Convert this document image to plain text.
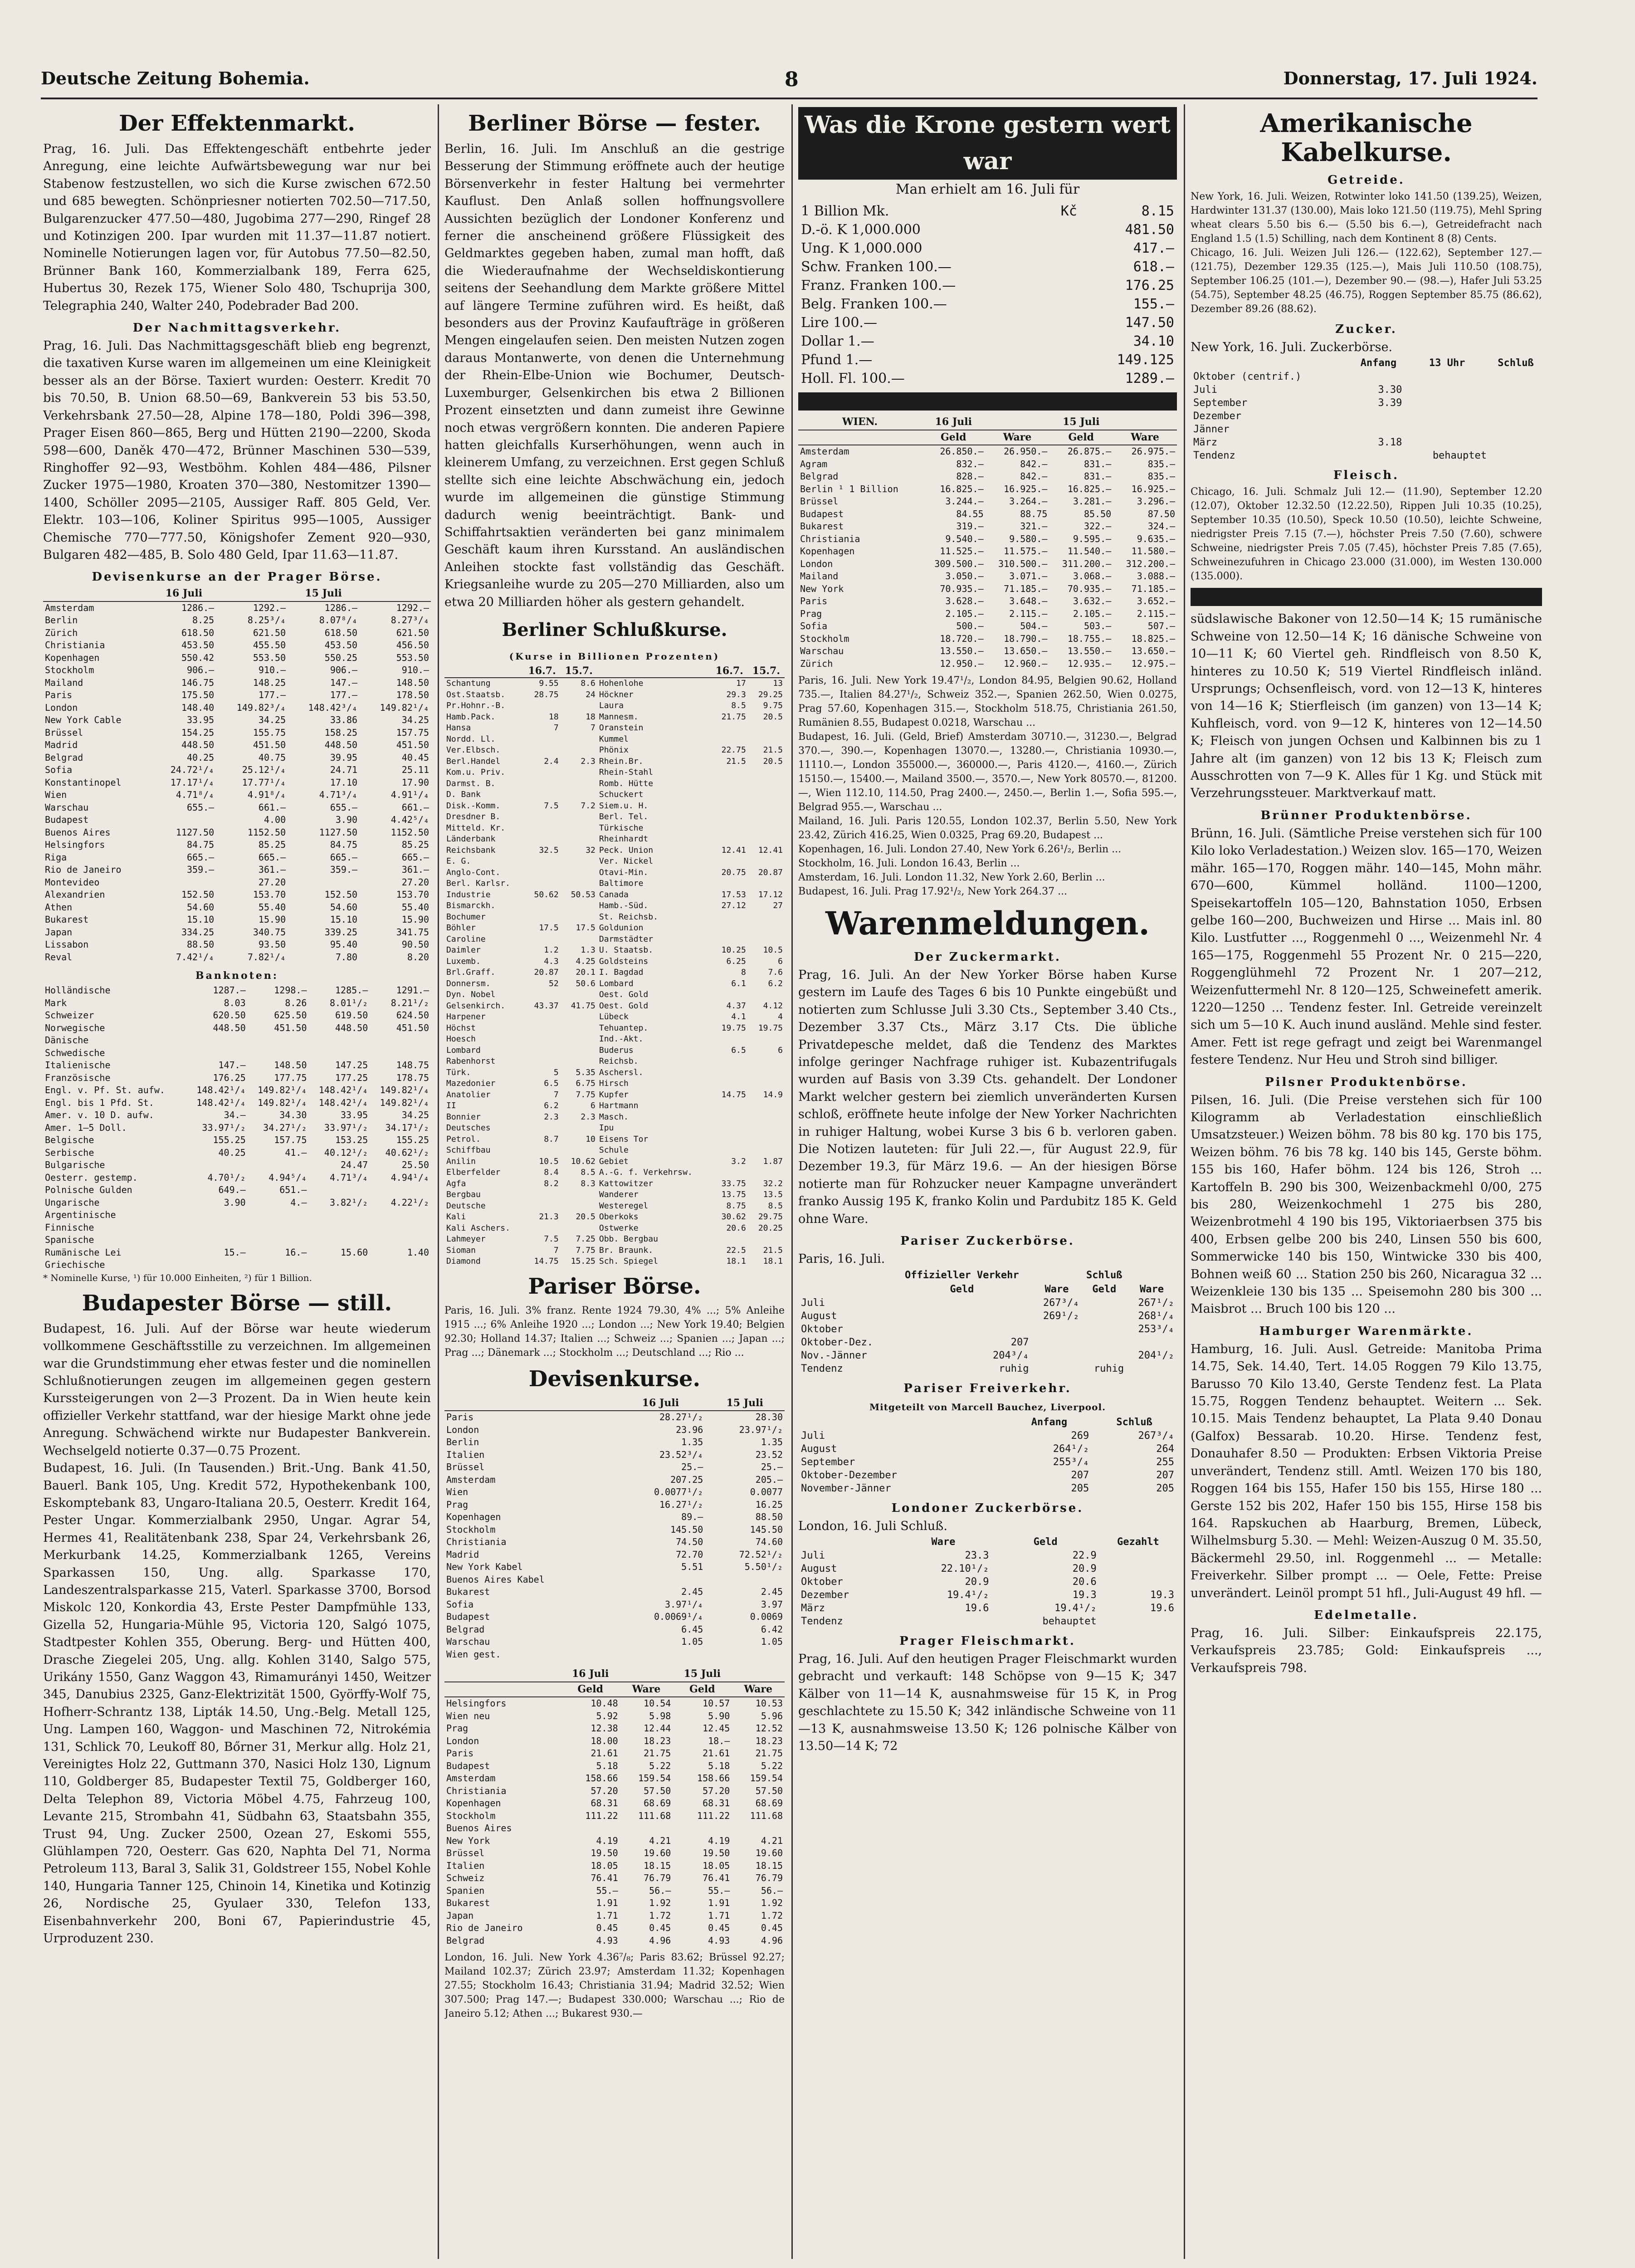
Deutsche Zeitung Bohemia.	8	Donnerstag, 17. Juli 1924.
Der Effektenmarkt.

Prag, 16. Juli. Das Effektengeschäft entbehrte jeder Anregung, eine leichte Aufwärtsbewegung war nur bei Stabenow festzustellen, wo sich die Kurse zwischen 672.50 und 685 bewegten. Schönpriesner notierten 702.50—717.50, Bulgarenzucker 477.50—480, Jugobima 277—290, Ringef 28 und Kotinzigen 200. Ipar wurden mit 11.37—11.87 notiert. Nominelle Notierungen lagen vor, für Autobus 77.50—82.50, Brünner Bank 160, Kommerzialbank 189, Ferra 625, Hubertus 30, Rezek 175, Wiener Solo 480, Tschuprija 300, Telegraphia 240, Walter 240, Podebrader Bad 200.

Der Nachmittagsverkehr.

Prag, 16. Juli. Das Nachmittagsgeschäft blieb eng begrenzt, die taxativen Kurse waren im allgemeinen um eine Kleinigkeit besser als an der Börse. Taxiert wurden: Oesterr. Kredit 70 bis 70.50, B. Union 68.50—69, Bankverein 53 bis 53.50, Verkehrsbank 27.50—28, Alpine 178—180, Poldi 396—398, Prager Eisen 860—865, Berg und Hütten 2190—2200, Skoda 598—600, Daněk 470—472, Brünner Maschinen 530—539, Ringhoffer 92—93, Westböhm. Kohlen 484—486, Pilsner Zucker 1975—1980, Kroaten 370—380, Nestomitzer 1390—1400, Schöller 2095—2105, Aussiger Raff. 805 Geld, Ver. Elektr. 103—106, Koliner Spiritus 995—1005, Aussiger Chemische 770—777.50, Königshofer Zement 920—930, Bulgaren 482—485, B. Solo 480 Geld, Ipar 11.63—11.87.

Devisenkurse an der Prager Börse.
	16 Juli		15 Juli	
Amsterdam	1286.—	1292.—	1286.—	1292.—
Berlin	8.25	8.25³/₄	8.07⁸/₄	8.27³/₄
Zürich	618.50	621.50	618.50	621.50
Christiania	453.50	455.50	453.50	456.50
Kopenhagen	550.42	553.50	550.25	553.50
Stockholm	906.—	910.—	906.—	910.—
Mailand	146.75	148.25	147.—	148.50
Paris	175.50	177.—	177.—	178.50
London	148.40	149.82³/₄	148.42³/₄	149.82¹/₄
New York Cable	33.95	34.25	33.86	34.25
Brüssel	154.25	155.75	158.25	157.75
Madrid	448.50	451.50	448.50	451.50
Belgrad	40.25	40.75	39.95	40.45
Sofia	24.72¹/₄	25.12¹/₄	24.71	25.11
Konstantinopel	17.17¹/₄	17.77¹/₄	17.10	17.90
Wien	4.71⁸/₄	4.91⁸/₄	4.71³/₄	4.91¹/₄
Warschau	655.—	661.—	655.—	661.—
Budapest		4.00	3.90	4.42⁵/₄
Buenos Aires	1127.50	1152.50	1127.50	1152.50
Helsingfors	84.75	85.25	84.75	85.25
Riga	665.—	665.—	665.—	665.—
Rio de Janeiro	359.—	361.—	359.—	361.—
Montevideo		27.20		27.20
Alexandrien	152.50	153.70	152.50	153.70
Athen	54.60	55.40	54.60	55.40
Bukarest	15.10	15.90	15.10	15.90
Japan	334.25	340.75	339.25	341.75
Lissabon	88.50	93.50	95.40	90.50
Reval	7.42¹/₄	7.82¹/₄	7.80	8.20
Banknoten:
Holländische	1287.—	1298.—	1285.—	1291.—
Mark	8.03	8.26	8.01¹/₂	8.21¹/₂
Schweizer	620.50	625.50	619.50	624.50
Norwegische	448.50	451.50	448.50	451.50
Dänische				
Schwedische				
Italienische	147.—	148.50	147.25	148.75
Französische	176.25	177.75	177.25	178.75
Engl. v. Pf. St. aufw.	148.42¹/₄	149.82¹/₄	148.42¹/₄	149.82¹/₄
Engl. bis 1 Pfd. St.	148.42¹/₄	149.82¹/₄	148.42¹/₄	149.82¹/₄
Amer. v. 10 D. aufw.	34.—	34.30	33.95	34.25
Amer. 1—5 Doll.	33.97¹/₂	34.27¹/₂	33.97¹/₂	34.17¹/₂
Belgische	155.25	157.75	153.25	155.25
Serbische	40.25	41.—	40.12¹/₂	40.62¹/₂
Bulgarische			24.47	25.50
Oesterr. gestemp.	4.70¹/₂	4.94⁵/₄	4.71³/₄	4.94¹/₄
Polnische Gulden	649.—	651.—		
Ungarische	3.90	4.—	3.82¹/₂	4.22¹/₂
Argentinische				
Finnische				
Spanische				
Rumänische Lei	15.—	16.—	15.60	1.40
Griechische				

* Nominelle Kurse, ¹) für 10.000 Einheiten, ²) für 1 Billion.

Budapester Börse — still.

Budapest, 16. Juli. Auf der Börse war heute wiederum vollkommene Geschäftsstille zu verzeichnen. Im allgemeinen war die Grundstimmung eher etwas fester und die nominellen Schlußnotierungen zeugen im allgemeinen gegen gestern Kurssteigerungen von 2—3 Prozent. Da in Wien heute kein offizieller Verkehr stattfand, war der hiesige Markt ohne jede Anregung. Schwächend wirkte nur Budapester Bankverein. Wechselgeld notierte 0.37—0.75 Prozent.

Budapest, 16. Juli. (In Tausenden.) Brit.-Ung. Bank 41.50, Bauerl. Bank 105, Ung. Kredit 572, Hypothekenbank 100, Eskomptebank 83, Ungaro-Italiana 20.5, Oesterr. Kredit 164, Pester Ungar. Kommerzialbank 2950, Ungar. Agrar 54, Hermes 41, Realitätenbank 238, Spar 24, Verkehrsbank 26, Merkurbank 14.25, Kommerzialbank 1265, Vereins Sparkassen 150, Ung. allg. Sparkasse 170, Landeszentralsparkasse 215, Vaterl. Sparkasse 3700, Borsod Miskolc 120, Konkordia 43, Erste Pester Dampfmühle 133, Gizella 52, Hungaria-Mühle 95, Victoria 120, Salgó 1075, Stadtpester Kohlen 355, Oberung. Berg- und Hütten 400, Drasche Ziegelei 205, Ung. allg. Kohlen 3140, Salgo 575, Urikány 1550, Ganz Waggon 43, Rimamurányi 1450, Weitzer 345, Danubius 2325, Ganz-Elektrizität 1500, Györffy-Wolf 75, Hofherr-Schrantz 138, Lipták 14.50, Ung.-Belg. Metall 125, Ung. Lampen 160, Waggon- und Maschinen 72, Nitrokémia 131, Schlick 70, Leukoff 80, Bőrner 31, Merkur allg. Holz 21, Vereinigtes Holz 22, Guttmann 370, Nasici Holz 130, Lignum 110, Goldberger 85, Budapester Textil 75, Goldberger 160, Delta Telephon 89, Victoria Möbel 4.75, Fahrzeug 100, Levante 215, Strombahn 41, Südbahn 63, Staatsbahn 355, Trust 94, Ung. Zucker 2500, Ozean 27, Eskomi 555, Glühlampen 720, Oesterr. Gas 620, Naphta Del 71, Norma Petroleum 113, Baral 3, Salik 31, Goldstreer 155, Nobel Kohle 140, Hungaria Tanner 125, Chinoin 14, Kinetika und Kotinzig 26, Nordische 25, Gyulaer 330, Telefon 133, Eisenbahnverkehr 200, Boni 67, Papierindustrie 45, Urproduzent 230.

Berliner Börse — fester.

Berlin, 16. Juli. Im Anschluß an die gestrige Besserung der Stimmung eröffnete auch der heutige Börsenverkehr in fester Haltung bei vermehrter Kauflust. Den Anlaß sollen hoffnungsvollere Aussichten bezüglich der Londoner Konferenz und ferner die anscheinend größere Flüssigkeit des Geldmarktes gegeben haben, zumal man hofft, daß die Wiederaufnahme der Wechseldiskontierung seitens der Seehandlung dem Markte größere Mittel auf längere Termine zuführen wird. Es heißt, daß besonders aus der Provinz Kaufaufträge in größeren Mengen eingelaufen seien. Den meisten Nutzen zogen daraus Montanwerte, von denen die Unternehmung der Rhein-Elbe-Union wie Bochumer, Deutsch-Luxemburger, Gelsenkirchen bis etwa 2 Billionen Prozent einsetzten und dann zumeist ihre Gewinne noch etwas vergrößern konnten. Die anderen Papiere hatten gleichfalls Kurserhöhungen, wenn auch in kleinerem Umfang, zu verzeichnen. Erst gegen Schluß stellte sich eine leichte Abschwächung ein, jedoch wurde im allgemeinen die günstige Stimmung dadurch wenig beeinträchtigt. Bank- und Schiffahrtsaktien veränderten bei ganz minimalem Geschäft kaum ihren Kursstand. An ausländischen Anleihen stockte fast vollständig das Geschäft. Kriegsanleihe wurde zu 205—270 Milliarden, also um etwa 20 Milliarden höher als gestern gehandelt.

Berliner Schlußkurse.
(Kurse in Billionen Prozenten)
	16.7.	15.7.		16.7.	15.7.
Schantung	9.55	8.6	Hohenlohe	17	13
Ost.Staatsb.	28.75	24	Höckner	29.3	29.25
Pr.Hohnr.-B.			Laura	8.5	9.75
Hamb.Pack.	18	18	Mannesm.	21.75	20.5
Hansa	7	7	Oranstein		
Nordd. Ll.			Kummel		
Ver.Elbsch.			Phönix	22.75	21.5
Berl.Handel	2.4	2.3	Rhein.Br.	21.5	20.5
Kom.u. Priv.			Rhein-Stahl		
Darmst. B.			Romb. Hütte		
D. Bank			Schuckert		
Disk.-Komm.	7.5	7.2	Siem.u. H.		
Dresdner B.			Berl. Tel.		
Mitteld. Kr.			Türkische		
Länderbank			Rheinhardt		
Reichsbank	32.5	32	Peck. Union	12.41	12.41
E. G.			Ver. Nickel		
Anglo-Cont.			Otavi-Min.	20.75	20.87
Berl. Karlsr.			Baltimore		
Industrie	50.62	50.53	Canada	17.53	17.12
Bismarckh.			Hamb.-Süd.	27.12	27
Bochumer			St. Reichsb.		
Böhler	17.5	17.5	Goldunion		
Caroline			Darmstädter		
Daimler	1.2	1.3	U. Staatsb.	10.25	10.5
Luxemb.	4.3	4.25	Goldsteins	6.25	6
Brl.Graff.	20.87	20.1	I. Bagdad	8	7.6
Donnersm.	52	50.6	Lombard	6.1	6.2
Dyn. Nobel			Oest. Gold		
Gelsenkirch.	43.37	41.75	Oest. Gold	4.37	4.12
Harpener			Lübeck	4.1	4
Höchst			Tehuantep.	19.75	19.75
Hoesch			Ind.-Akt.		
Lombard			Buderus	6.5	6
Rabenhorst			Reichsb.		
Türk.	5	5.35	Aschersl.		
Mazedonier	6.5	6.75	Hirsch		
Anatolier	7	7.75	Kupfer	14.75	14.9
II	6.2	6	Hartmann		
Bonnier	2.3	2.3	Masch.		
Deutsches			Ipu		
Petrol.	8.7	10	Eisens Tor		
Schiffbau			Schule		
Anilin	10.5	10.62	Gebiet	3.2	1.87
Elberfelder	8.4	8.5	A.-G. f. Verkehrsw.		
Agfa	8.2	8.3	Kattowitzer	33.75	32.2
Bergbau			Wanderer	13.75	13.5
Deutsche			Westeregel	8.75	8.5
Kali	21.3	20.5	Oberkoks	30.62	29.75
Kali Aschers.			Ostwerke	20.6	20.25
Lahmeyer	7.5	7.25	Obb. Bergbau		
Sioman	7	7.75	Br. Braunk.	22.5	21.5
Diamond	14.75	15.25	Sch. Spiegel	18.1	18.1
Pariser Börse.

Paris, 16. Juli. 3% franz. Rente 1924 79.30, 4% ...; 5% Anleihe 1915 ...; 6% Anleihe 1920 ...; London ...; New York 19.40; Belgien 92.30; Holland 14.37; Italien ...; Schweiz ...; Spanien ...; Japan ...; Prag ...; Dänemark ...; Stockholm ...; Deutschland ...; Rio ...

Devisenkurse.
	16 Juli	15 Juli
Paris	28.27¹/₂	28.30
London	23.96	23.97¹/₂
Berlin	1.35	1.35
Italien	23.52³/₄	23.52
Brüssel	25.—	25.—
Amsterdam	207.25	205.—
Wien	0.0077¹/₂	0.0077
Prag	16.27¹/₂	16.25
Kopenhagen	89.—	88.50
Stockholm	145.50	145.50
Christiania	74.50	74.60
Madrid	72.70	72.52¹/₂
New York Kabel	5.51	5.50¹/₂
Buenos Aires Kabel		
Bukarest	2.45	2.45
Sofia	3.97¹/₄	3.97
Budapest	0.0069¹/₄	0.0069
Belgrad	6.45	6.42
Warschau	1.05	1.05
Wien gest.		
	16 Juli		15 Juli	
	Geld	Ware	Geld	Ware
Helsingfors	10.48	10.54	10.57	10.53
Wien neu	5.92	5.98	5.90	5.96
Prag	12.38	12.44	12.45	12.52
London	18.00	18.23	18.—	18.23
Paris	21.61	21.75	21.61	21.75
Budapest	5.18	5.22	5.18	5.22
Amsterdam	158.66	159.54	158.66	159.54
Christiania	57.20	57.50	57.20	57.50
Kopenhagen	68.31	68.69	68.31	68.69
Stockholm	111.22	111.68	111.22	111.68
Buenos Aires				
New York	4.19	4.21	4.19	4.21
Brüssel	19.50	19.60	19.50	19.60
Italien	18.05	18.15	18.05	18.15
Schweiz	76.41	76.79	76.41	76.79
Spanien	55.—	56.—	55.—	56.—
Bukarest	1.91	1.92	1.91	1.92
Japan	1.71	1.72	1.71	1.72
Rio de Janeiro	0.45	0.45	0.45	0.45
Belgrad	4.93	4.96	4.93	4.96

London, 16. Juli. New York 4.36⁷/₈; Paris 83.62; Brüssel 92.27; Mailand 102.37; Zürich 23.97; Amsterdam 11.32; Kopenhagen 27.55; Stockholm 16.43; Christiania 31.94; Madrid 32.52; Wien 307.500; Prag 147.—; Budapest 330.000; Warschau ...; Rio de Janeiro 5.12; Athen ...; Bukarest 930.—

Was die Krone gestern wert war
Man erhielt am 16. Juli für
1 Billion Mk.	Kč	8.15
D.-ö. K 1,000.000		481.50
Ung. K 1,000.000		417.—
Schw. Franken 100.—		618.—
Franz. Franken 100.—		176.25
Belg. Franken 100.—		155.—
Lire 100.—		147.50
Dollar 1.—		34.10
Pfund 1.—		149.125
Holl. Fl. 100.—		1289.—
WIEN.	16 Juli		15 Juli	
	Geld	Ware	Geld	Ware
Amsterdam	26.850.—	26.950.—	26.875.—	26.975.—
Agram	832.—	842.—	831.—	835.—
Belgrad	828.—	842.—	831.—	835.—
Berlin ¹ 1 Billion	16.825.—	16.925.—	16.825.—	16.925.—
Brüssel	3.244.—	3.264.—	3.281.—	3.296.—
Budapest	84.55	88.75	85.50	87.50
Bukarest	319.—	321.—	322.—	324.—
Christiania	9.540.—	9.580.—	9.595.—	9.635.—
Kopenhagen	11.525.—	11.575.—	11.540.—	11.580.—
London	309.500.—	310.500.—	311.200.—	312.200.—
Mailand	3.050.—	3.071.—	3.068.—	3.088.—
New York	70.935.—	71.185.—	70.935.—	71.185.—
Paris	3.628.—	3.648.—	3.632.—	3.652.—
Prag	2.105.—	2.115.—	2.105.—	2.115.—
Sofia	500.—	504.—	503.—	507.—
Stockholm	18.720.—	18.790.—	18.755.—	18.825.—
Warschau	13.550.—	13.650.—	13.550.—	13.650.—
Zürich	12.950.—	12.960.—	12.935.—	12.975.—

Paris, 16. Juli. New York 19.47¹/₂, London 84.95, Belgien 90.62, Holland 735.—, Italien 84.27¹/₂, Schweiz 352.—, Spanien 262.50, Wien 0.0275, Prag 57.60, Kopenhagen 315.—, Stockholm 518.75, Christiania 261.50, Rumänien 8.55, Budapest 0.0218, Warschau ...

Budapest, 16. Juli. (Geld, Brief) Amsterdam 30710.—, 31230.—, Belgrad 370.—, 390.—, Kopenhagen 13070.—, 13280.—, Christiania 10930.—, 11110.—, London 355000.—, 360000.—, Paris 4120.—, 4160.—, Zürich 15150.—, 15400.—, Mailand 3500.—, 3570.—, New York 80570.—, 81200.—, Wien 112.10, 114.50, Prag 2400.—, 2450.—, Berlin 1.—, Sofia 595.—, Belgrad 955.—, Warschau ...

Mailand, 16. Juli. Paris 120.55, London 102.37, Berlin 5.50, New York 23.42, Zürich 416.25, Wien 0.0325, Prag 69.20, Budapest ...

Kopenhagen, 16. Juli. London 27.40, New York 6.26¹/₂, Berlin ...

Stockholm, 16. Juli. London 16.43, Berlin ...

Amsterdam, 16. Juli. London 11.32, New York 2.60, Berlin ...

Budapest, 16. Juli. Prag 17.92¹/₂, New York 264.37 ...

Warenmeldungen.
Der Zuckermarkt.

Prag, 16. Juli. An der New Yorker Börse haben Kurse gestern im Laufe des Tages 6 bis 10 Punkte eingebüßt und notierten zum Schlusse Juli 3.30 Cts., September 3.40 Cts., Dezember 3.37 Cts., März 3.17 Cts. Die übliche Privatdepesche meldet, daß die Tendenz des Marktes infolge geringer Nachfrage ruhiger ist. Kubazentrifugals wurden auf Basis von 3.39 Cts. gehandelt. Der Londoner Markt welcher gestern bei ziemlich unveränderten Kursen schloß, eröffnete heute infolge der New Yorker Nachrichten in ruhiger Haltung, wobei Kurse 3 bis 6 b. verloren gaben. Die Notizen lauteten: für Juli 22.—, für August 22.9, für Dezember 19.3, für März 19.6. — An der hiesigen Börse notierte man für Rohzucker neuer Kampagne unverändert franko Aussig 195 K, franko Kolin und Pardubitz 185 K. Geld ohne Ware.

Pariser Zuckerbörse.

Paris, 16. Juli.

	Offizieller Verkehr		Schluß	
	Geld	Ware	Geld	Ware
Juli		267³/₄		267¹/₂
August		269¹/₂		268¹/₄
Oktober				253³/₄
Oktober-Dez.	207			
Nov.-Jänner	204³/₄			204¹/₂
Tendenz	ruhig		ruhig	
Pariser Freiverkehr.
Mitgeteilt von Marcell Bauchez, Liverpool.
	Anfang	Schluß
Juli	269	267³/₄
August	264¹/₂	264
September	255³/₄	255
Oktober-Dezember	207	207
November-Jänner	205	205
Londoner Zuckerbörse.

London, 16. Juli Schluß.

	Ware	Geld	Gezahlt
Juli	23.3	22.9	
August	22.10¹/₂	20.9	
Oktober	20.9	20.6	
Dezember	19.4¹/₂	19.3	19.3
März	19.6	19.4¹/₂	19.6
Tendenz		behauptet	
Prager Fleischmarkt.

Prag, 16. Juli. Auf den heutigen Prager Fleischmarkt wurden gebracht und verkauft: 148 Schöpse von 9—15 K; 347 Kälber von 11—14 K, ausnahmsweise für 15 K, in Prog geschlachtete zu 15.50 K; 342 inländische Schweine von 11—13 K, ausnahmsweise 13.50 K; 126 polnische Kälber von 13.50—14 K; 72

Amerikanische Kabelkurse.
Getreide.

New York, 16. Juli. Weizen, Rotwinter loko 141.50 (139.25), Weizen, Hardwinter 131.37 (130.00), Mais loko 121.50 (119.75), Mehl Spring wheat clears 5.50 bis 6.— (5.50 bis 6.—), Getreidefracht nach England 1.5 (1.5) Schilling, nach dem Kontinent 8 (8) Cents.

Chicago, 16. Juli. Weizen Juli 126.— (122.62), September 127.— (121.75), Dezember 129.35 (125.—), Mais Juli 110.50 (108.75), September 106.25 (101.—), Dezember 90.— (98.—), Hafer Juli 53.25 (54.75), September 48.25 (46.75), Roggen September 85.75 (86.62), Dezember 89.26 (88.62).

Zucker.

New York, 16. Juli. Zuckerbörse.

	Anfang	13 Uhr	Schluß
Oktober (centrif.)			
Juli	3.30		
September	3.39		
Dezember			
Jänner			
März	3.18		
Tendenz		behauptet	
Fleisch.

Chicago, 16. Juli. Schmalz Juli 12.— (11.90), September 12.20 (12.07), Oktober 12.32.50 (12.22.50), Rippen Juli 10.35 (10.25), September 10.35 (10.50), Speck 10.50 (10.50), leichte Schweine, niedrigster Preis 7.15 (7.—), höchster Preis 7.50 (7.60), schwere Schweine, niedrigster Preis 7.05 (7.45), höchster Preis 7.85 (7.65), Schweinezufuhren in Chicago 23.000 (31.000), im Westen 130.000 (135.000).

südslawische Bakoner von 12.50—14 K; 15 rumänische Schweine von 12.50—14 K; 16 dänische Schweine von 10—11 K; 60 Viertel geh. Rindfleisch von 8.50 K, hinteres zu 10.50 K; 519 Viertel Rindfleisch inländ. Ursprungs; Ochsenfleisch, vord. von 12—13 K, hinteres von 14—16 K; Stierfleisch (im ganzen) von 13—14 K; Kuhfleisch, vord. von 9—12 K, hinteres von 12—14.50 K; Fleisch von jungen Ochsen und Kalbinnen bis zu 1 Jahre alt (im ganzen) von 12 bis 13 K; Fleisch zum Ausschrotten von 7—9 K. Alles für 1 Kg. und Stück mit Verzehrungssteuer. Marktverkauf matt.

Brünner Produktenbörse.

Brünn, 16. Juli. (Sämtliche Preise verstehen sich für 100 Kilo loko Verladestation.) Weizen slov. 165—170, Weizen mähr. 165—170, Roggen mähr. 140—145, Mohn mähr. 670—600, Kümmel holländ. 1100—1200, Speisekartoffeln 105—120, Bahnstation 1050, Erbsen gelbe 160—200, Buchweizen und Hirse ... Mais inl. 80 Kilo. Lustfutter ..., Roggenmehl 0 ..., Weizenmehl Nr. 4 165—175, Roggenmehl 55 Prozent Nr. 0 215—220, Roggenglühmehl 72 Prozent Nr. 1 207—212, Weizenfuttermehl Nr. 8 120—125, Schweinefett amerik. 1220—1250 ... Tendenz fester. Inl. Getreide vereinzelt sich um 5—10 K. Auch inund ausländ. Mehle sind fester. Amer. Fett ist rege gefragt und zeigt bei Warenmangel festere Tendenz. Nur Heu und Stroh sind billiger.

Pilsner Produktenbörse.

Pilsen, 16. Juli. (Die Preise verstehen sich für 100 Kilogramm ab Verladestation einschließlich Umsatzsteuer.) Weizen böhm. 78 bis 80 kg. 170 bis 175, Weizen böhm. 76 bis 78 kg. 140 bis 145, Gerste böhm. 155 bis 160, Hafer böhm. 124 bis 126, Stroh ... Kartoffeln B. 290 bis 300, Weizenbackmehl 0/00, 275 bis 280, Weizenkochmehl 1 275 bis 280, Weizenbrotmehl 4 190 bis 195, Viktoriaerbsen 375 bis 400, Erbsen gelbe 200 bis 240, Linsen 550 bis 600, Sommerwicke 140 bis 150, Wintwicke 330 bis 400, Bohnen weiß 60 ... Station 250 bis 260, Nicaragua 32 ... Weizenkleie 130 bis 135 ... Speisemohn 280 bis 300 ... Maisbrot ... Bruch 100 bis 120 ...

Hamburger Warenmärkte.

Hamburg, 16. Juli. Ausl. Getreide: Manitoba Prima 14.75, Sek. 14.40, Tert. 14.05 Roggen 79 Kilo 13.75, Barusso 70 Kilo 13.40, Gerste Tendenz fest. La Plata 15.75, Roggen Tendenz behauptet. Weitern ... Sek. 10.15. Mais Tendenz behauptet, La Plata 9.40 Donau (Galfox) Bessarab. 10.20. Hirse. Tendenz fest, Donauhafer 8.50 — Produkten: Erbsen Viktoria Preise unverändert, Tendenz still. Amtl. Weizen 170 bis 180, Roggen 164 bis 155, Hafer 150 bis 155, Hirse 180 ... Gerste 152 bis 202, Hafer 150 bis 155, Hirse 158 bis 164. Rapskuchen ab Haarburg, Bremen, Lübeck, Wilhelmsburg 5.30. — Mehl: Weizen-Auszug 0 M. 35.50, Bäckermehl 29.50, inl. Roggenmehl ... — Metalle: Freiverkehr. Silber prompt ... — Oele, Fette: Preise unverändert. Leinöl prompt 51 hfl., Juli-August 49 hfl. —

Edelmetalle.

Prag, 16. Juli. Silber: Einkaufspreis 22.175, Verkaufspreis 23.785; Gold: Einkaufspreis ..., Verkaufspreis 798.
